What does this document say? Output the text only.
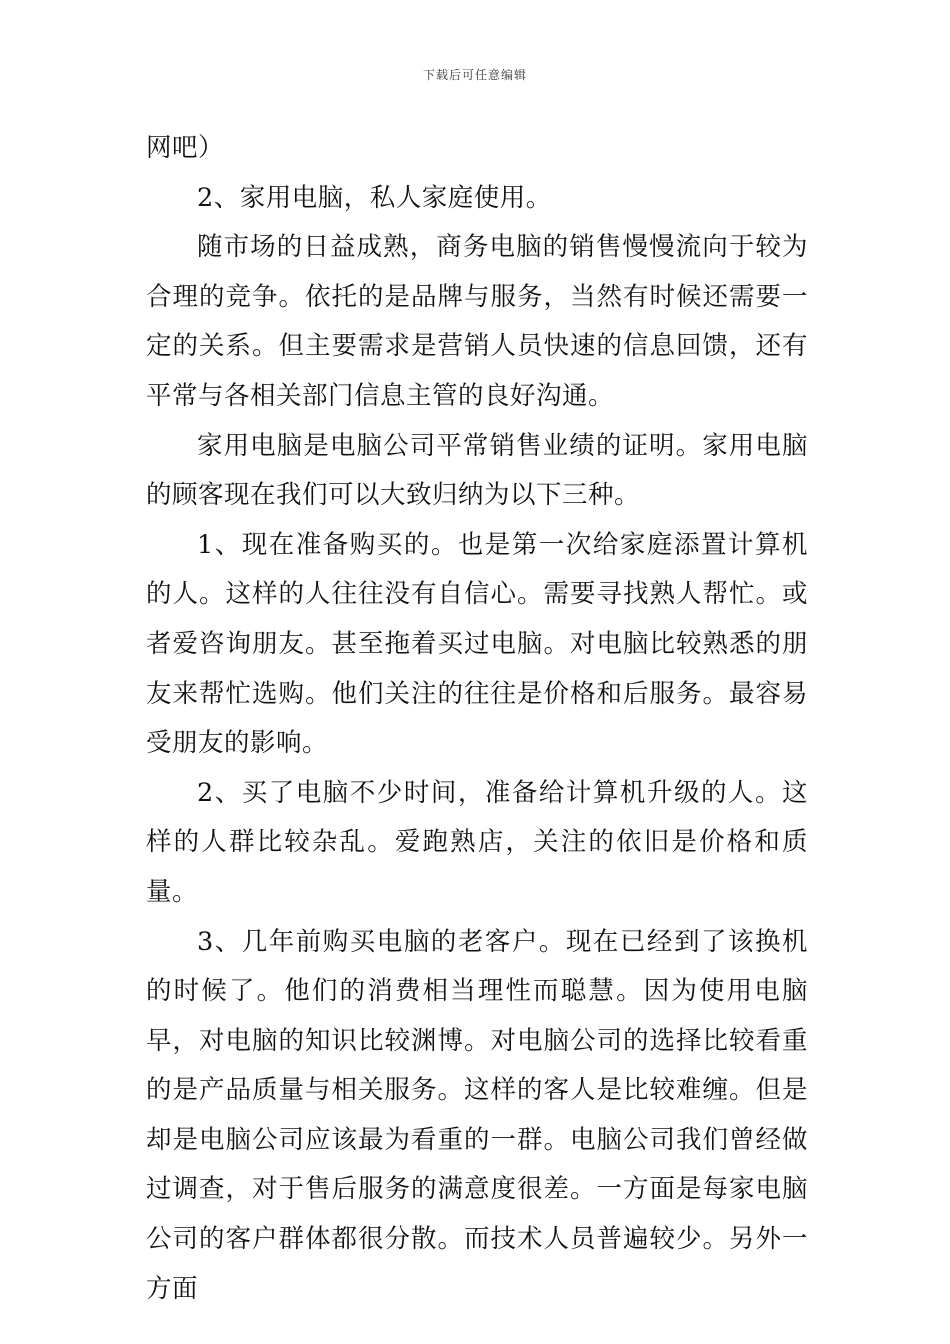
下载后可任意编辑

网吧）

2、家用电脑，私人家庭使用。

随市场的日益成熟，商务电脑的销售慢慢流向于较为合理的竞争。依托的是品牌与服务，当然有时候还需要一定的关系。但主要需求是营销人员快速的信息回馈，还有平常与各相关部门信息主管的良好沟通。

家用电脑是电脑公司平常销售业绩的证明。家用电脑的顾客现在我们可以大致归纳为以下三种。

1、现在准备购买的。也是第一次给家庭添置计算机的人。这样的人往往没有自信心。需要寻找熟人帮忙。或者爱咨询朋友。甚至拖着买过电脑。对电脑比较熟悉的朋友来帮忙选购。他们关注的往往是价格和后服务。最容易受朋友的影响。

2、买了电脑不少时间，准备给计算机升级的人。这样的人群比较杂乱。爱跑熟店，关注的依旧是价格和质量。

3、几年前购买电脑的老客户。现在已经到了该换机的时候了。他们的消费相当理性而聪慧。因为使用电脑早，对电脑的知识比较渊博。对电脑公司的选择比较看重的是产品质量与相关服务。这样的客人是比较难缠。但是却是电脑公司应该最为看重的一群。电脑公司我们曾经做过调查，对于售后服务的满意度很差。一方面是每家电脑公司的客户群体都很分散。而技术人员普遍较少。另外一方面
